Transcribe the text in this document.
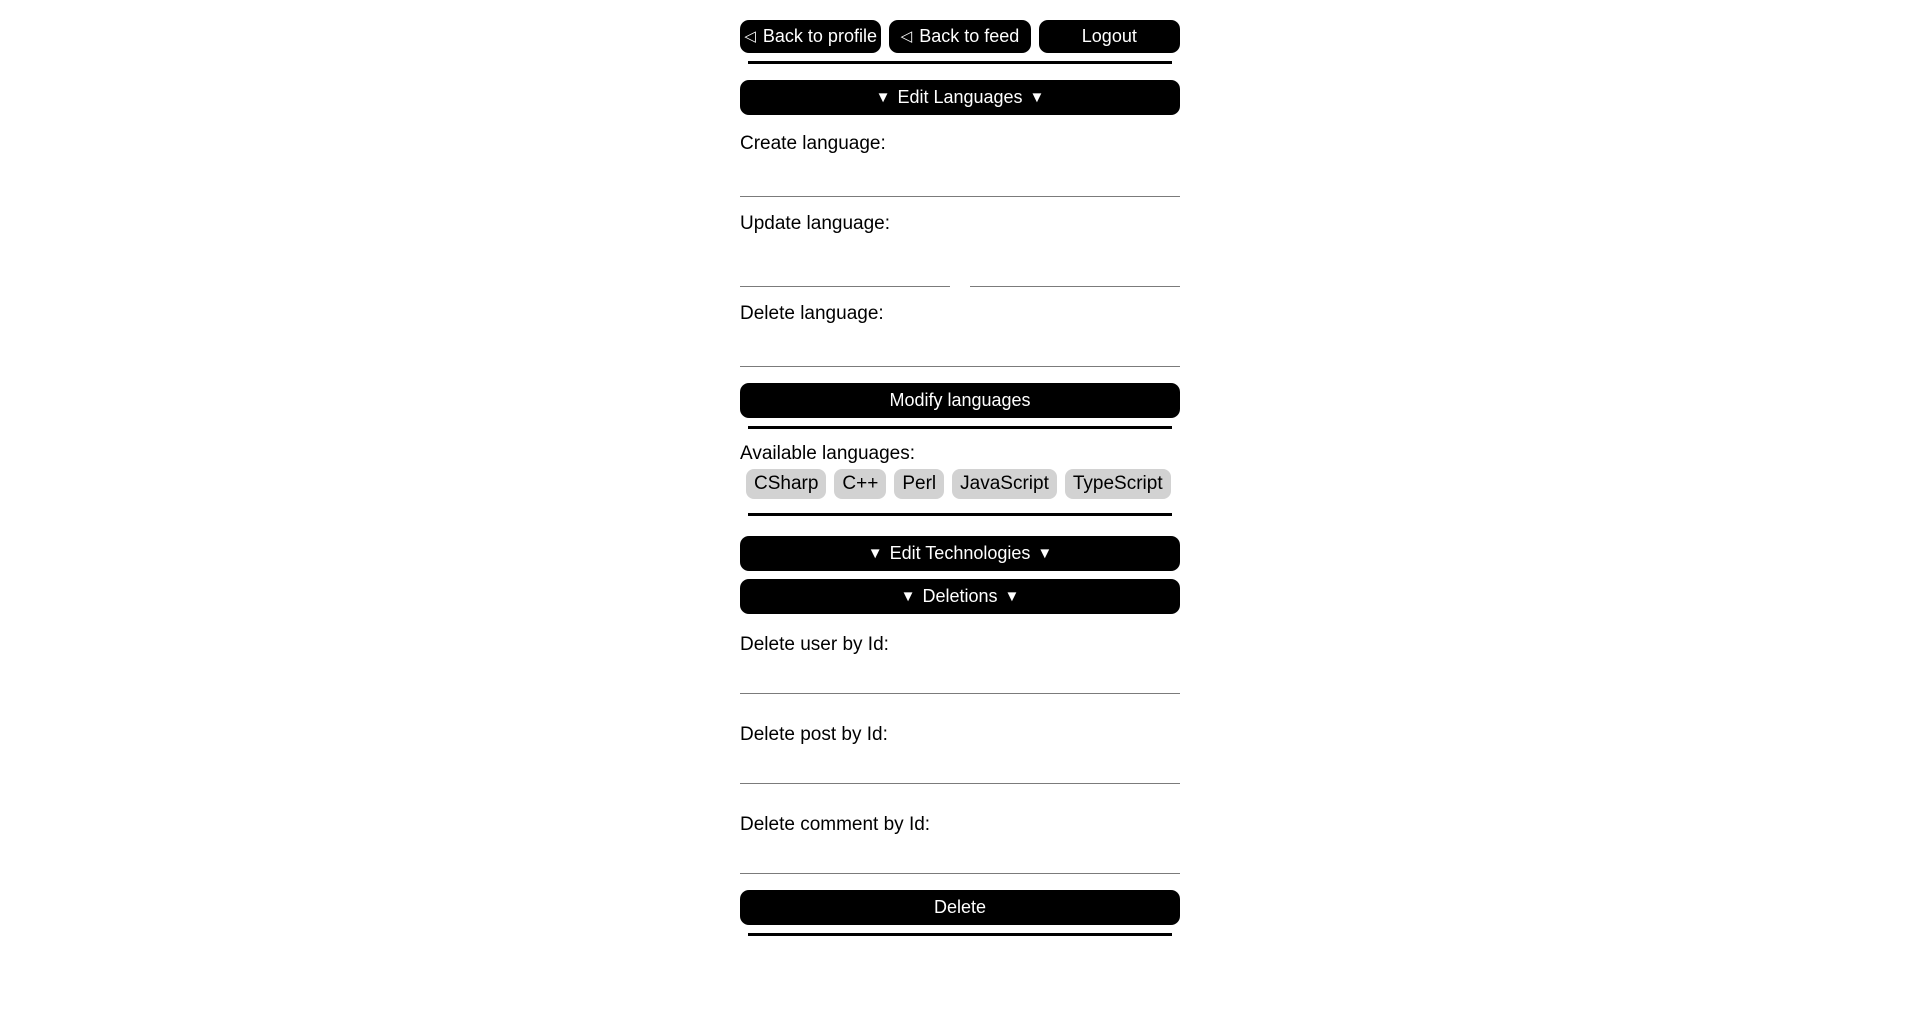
◁ Back to profile ◁ Back to feed	Logout
▼ Edit Languages ▼
Create language:
Update language:
Delete language:
Modify languages
Available languages:
CSharp	C++	Perl	JavaScript	TypeScript
▼ Edit Technologies ▼
▼ Deletions ▼
Delete user by Id:
Delete post by Id:
Delete comment by Id:
Delete
